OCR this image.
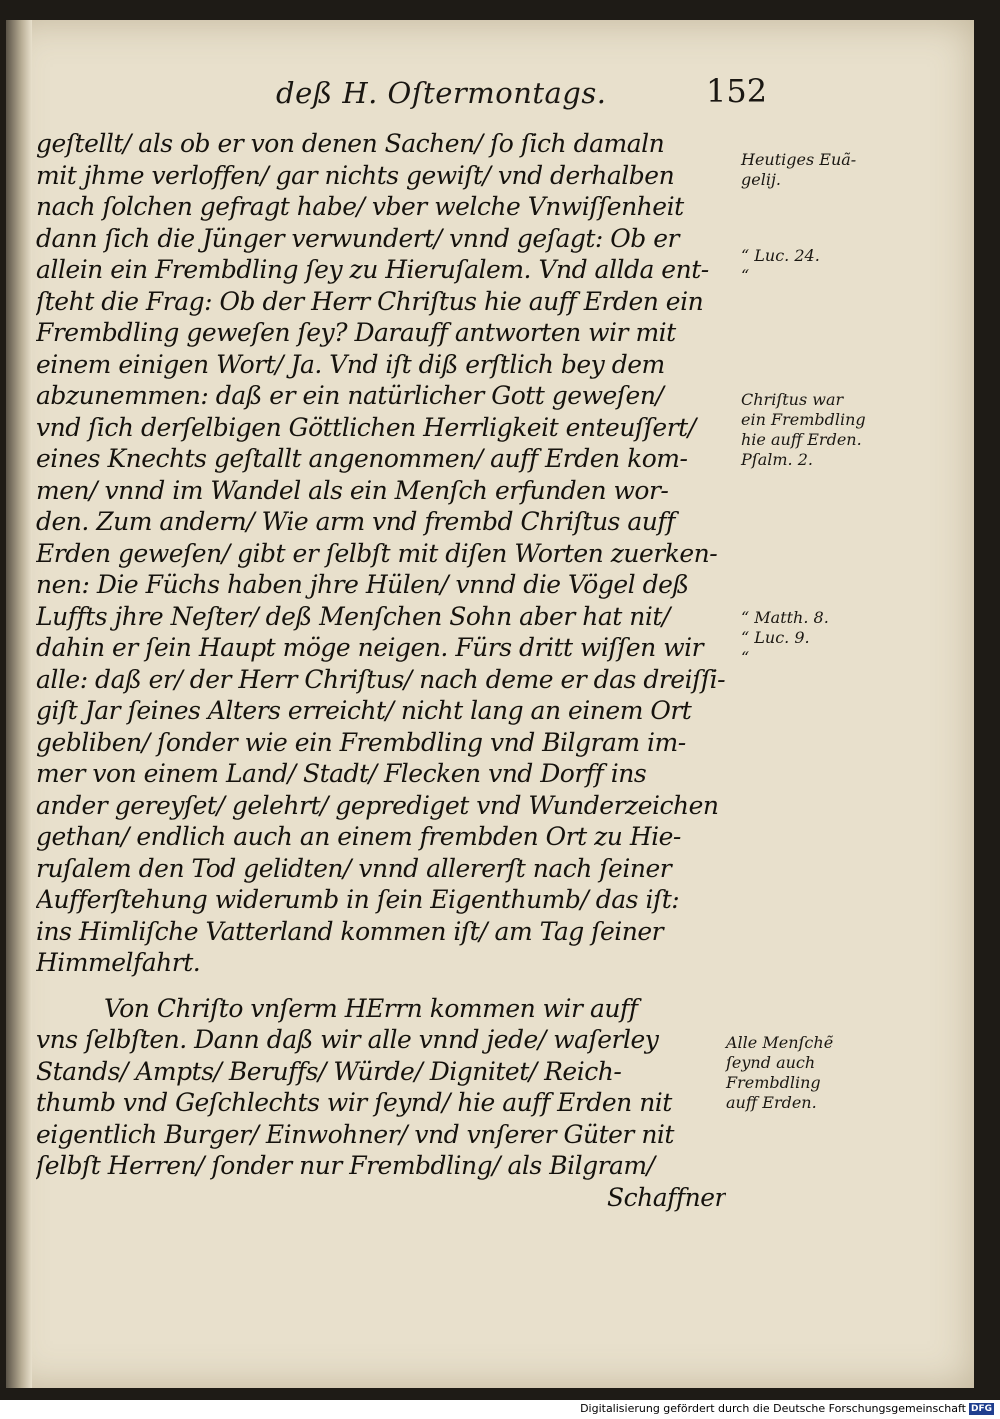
deß H. Oſtermontags.	152
geſtellt/ als ob er von denen Sachen/ ſo ſich damaln
mit jhme verloffen/ gar nichts gewiſt/ vnd derhalben
nach ſolchen gefragt habe/ vber welche Vnwiſſenheit
dann ſich die Jünger verwundert/ vnnd geſagt: Ob er
allein ein Frembdling ſey zu Hieruſalem. Vnd allda ent-
ſteht die Frag: Ob der Herr Chriſtus hie auff Erden ein
Frembdling geweſen ſey? Darauff antworten wir mit
einem einigen Wort/ Ja. Vnd iſt diß erſtlich bey dem
abzunemmen: daß er ein natürlicher Gott geweſen/
vnd ſich derſelbigen Göttlichen Herrligkeit enteuſſert/
eines Knechts geſtallt angenommen/ auff Erden kom-
men/ vnnd im Wandel als ein Menſch erfunden wor-
den. Zum andern/ Wie arm vnd frembd Chriſtus auff
Erden geweſen/ gibt er ſelbſt mit diſen Worten zuerken-
nen: Die Füchs haben jhre Hülen/ vnnd die Vögel deß
Luffts jhre Neſter/ deß Menſchen Sohn aber hat nit/
dahin er ſein Haupt möge neigen. Fürs dritt wiſſen wir
alle: daß er/ der Herr Chriſtus/ nach deme er das dreiſſi-
giſt Jar ſeines Alters erreicht/ nicht lang an einem Ort
gebliben/ ſonder wie ein Frembdling vnd Bilgram im-
mer von einem Land/ Stadt/ Flecken vnd Dorff ins
ander gereyſet/ gelehrt/ geprediget vnd Wunderzeichen
gethan/ endlich auch an einem frembden Ort zu Hie-
ruſalem den Tod gelidten/ vnnd allererſt nach ſeiner
Aufferſtehung widerumb in ſein Eigenthumb/ das iſt:
ins Himliſche Vatterland kommen iſt/ am Tag ſeiner
Himmelfahrt.
Von Chriſto vnſerm HErrn kommen wir auff
vns ſelbſten. Dann daß wir alle vnnd jede/ waſerley
Stands/ Ampts/ Beruffs/ Würde/ Dignitet/ Reich-
thumb vnd Geſchlechts wir ſeynd/ hie auff Erden nit
eigentlich Burger/ Einwohner/ vnd vnſerer Güter nit
ſelbſt Herren/ ſonder nur Frembdling/ als Bilgram/
Schaffner
Heutiges Euã-
gelij.
“ Luc. 24.
“
Chriſtus war
ein Frembdling
hie auff Erden.
Pſalm. 2.
“ Matth. 8.
“ Luc. 9.
“
Alle Menſchẽ
ſeynd auch
Frembdling
auff Erden.
Digitalisierung gefördert durch die Deutsche Forschungsgemeinschaft DFG
